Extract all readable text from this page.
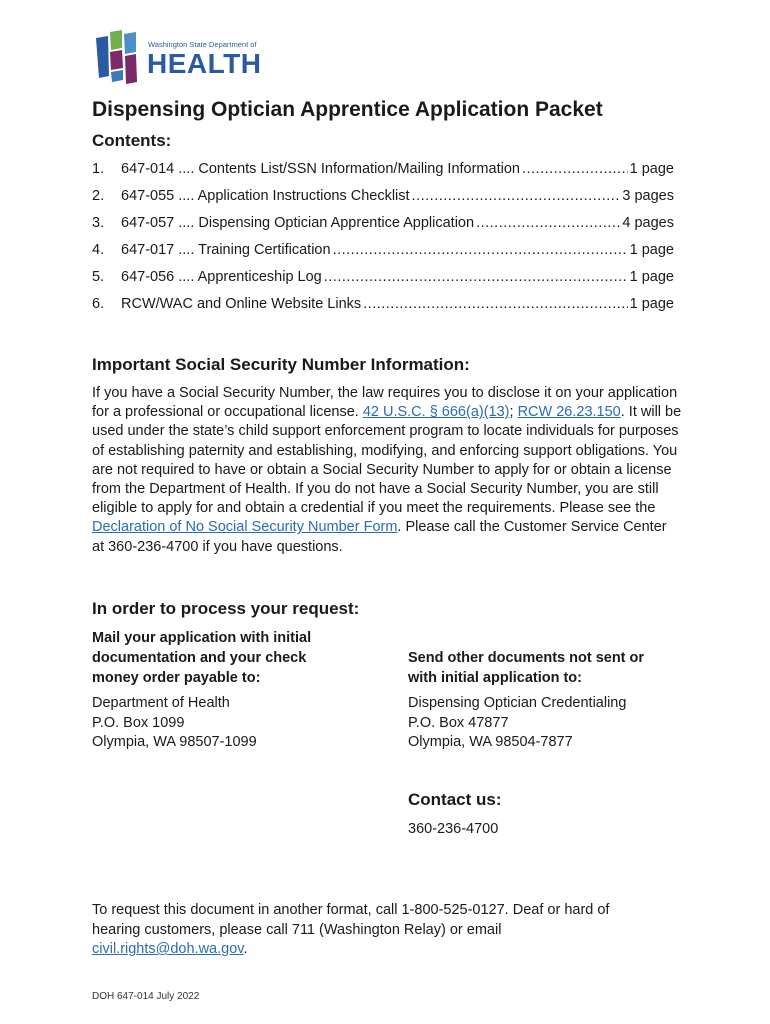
Washington State Department of
HEALTH
Dispensing Optician Apprentice Application Packet
Contents:
1. 647-014 .... Contents List/SSN Information/Mailing Information .....	1 page
2. 647-055 .... Application Instructions Checklist .....	3 pages
3. 647-057 .... Dispensing Optician Apprentice Application .....	4 pages
4. 647-017 .... Training Certification .....	1 page
5. 647-056 .... Apprenticeship Log .....	1 page
6. RCW/WAC and Online Website Links .....	1 page
Important Social Security Number Information:
If you have a Social Security Number, the law requires you to disclose it on your application for a professional or occupational license. 42 U.S.C. § 666(a)(13); RCW 26.23.150. It will be used under the state’s child support enforcement program to locate individuals for purposes of establishing paternity and establishing, modifying, and enforcing support obligations. You are not required to have or obtain a Social Security Number to apply for or obtain a license from the Department of Health. If you do not have a Social Security Number, you are still eligible to apply for and obtain a credential if you meet the requirements. Please see the Declaration of No Social Security Number Form. Please call the Customer Service Center at 360-236-4700 if you have questions.
In order to process your request:
Mail your application with initial
documentation and your check
money order payable to:
Department of Health
P.O. Box 1099
Olympia, WA 98507-1099
Send other documents not sent or
with initial application to:
Dispensing Optician Credentialing
P.O. Box 47877
Olympia, WA 98504-7877
Contact us:
360-236-4700
To request this document in another format, call 1-800-525-0127. Deaf or hard of hearing customers, please call 711 (Washington Relay) or email civil.rights@doh.wa.gov.
DOH 647-014 July 2022
